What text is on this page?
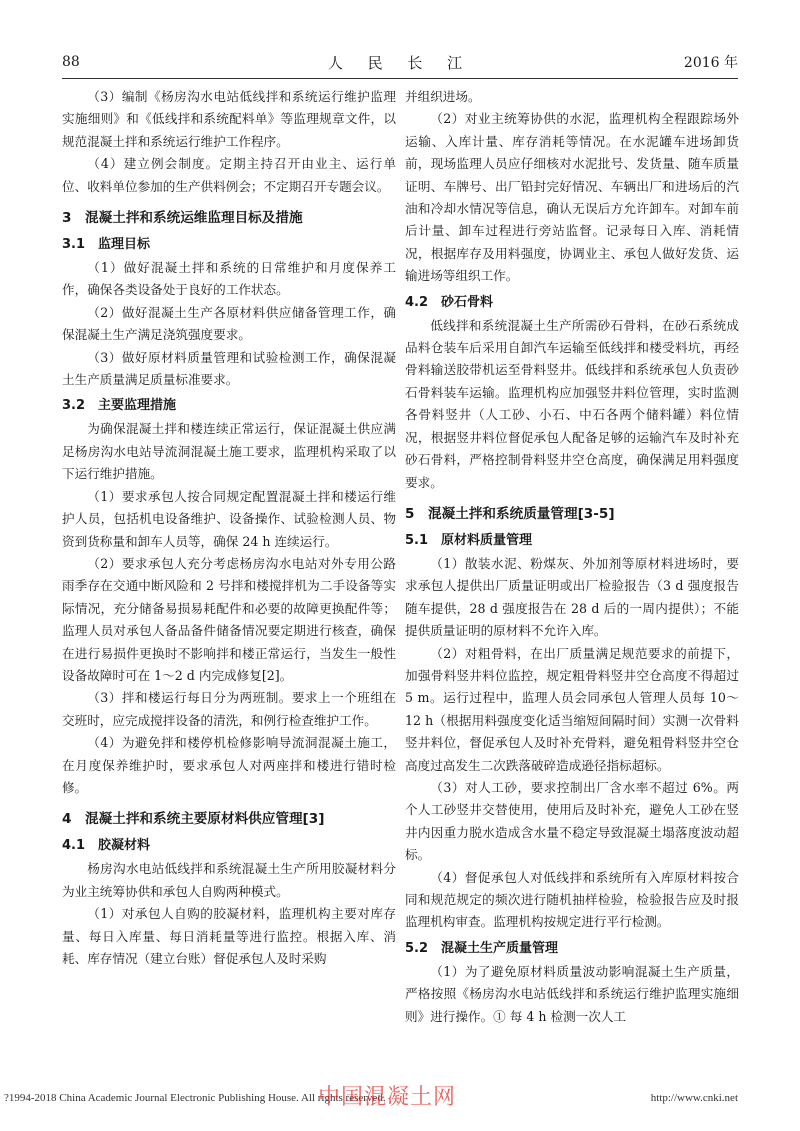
88	人 民 长 江	2016 年

（3）编制《杨房沟水电站低线拌和系统运行维护监理实施细则》和《低线拌和系统配料单》等监理规章文件，以规范混凝土拌和系统运行维护工作程序。

（4）建立例会制度。定期主持召开由业主、运行单位、收料单位参加的生产供料例会；不定期召开专题会议。

3　混凝土拌和系统运维监理目标及措施
3.1　监理目标

（1）做好混凝土拌和系统的日常维护和月度保养工作，确保各类设备处于良好的工作状态。

（2）做好混凝土生产各原材料供应储备管理工作，确保混凝土生产满足浇筑强度要求。

（3）做好原材料质量管理和试验检测工作，确保混凝土生产质量满足质量标准要求。

3.2　主要监理措施

为确保混凝土拌和楼连续正常运行，保证混凝土供应满足杨房沟水电站导流洞混凝土施工要求，监理机构采取了以下运行维护措施。

（1）要求承包人按合同规定配置混凝土拌和楼运行维护人员，包括机电设备维护、设备操作、试验检测人员、物资到货称量和卸车人员等，确保 24 h 连续运行。

（2）要求承包人充分考虑杨房沟水电站对外专用公路雨季存在交通中断风险和 2 号拌和楼搅拌机为二手设备等实际情况，充分储备易损易耗配件和必要的故障更换配件等；监理人员对承包人备品备件储备情况要定期进行核查，确保在进行易损件更换时不影响拌和楼正常运行，当发生一般性设备故障时可在 1～2 d 内完成修复[2]。

（3）拌和楼运行每日分为两班制。要求上一个班组在交班时，应完成搅拌设备的清洗，和例行检查维护工作。

（4）为避免拌和楼停机检修影响导流洞混凝土施工，在月度保养维护时，要求承包人对两座拌和楼进行错时检修。

4　混凝土拌和系统主要原材料供应管理[3]
4.1　胶凝材料

杨房沟水电站低线拌和系统混凝土生产所用胶凝材料分为业主统筹协供和承包人自购两种模式。

（1）对承包人自购的胶凝材料，监理机构主要对库存量、每日入库量、每日消耗量等进行监控。根据入库、消耗、库存情况（建立台账）督促承包人及时采购

并组织进场。

（2）对业主统筹协供的水泥，监理机构全程跟踪场外运输、入库计量、库存消耗等情况。在水泥罐车进场卸货前，现场监理人员应仔细核对水泥批号、发货量、随车质量证明、车牌号、出厂铅封完好情况、车辆出厂和进场后的汽油和冷却水情况等信息，确认无误后方允许卸车。对卸车前后计量、卸车过程进行旁站监督。记录每日入库、消耗情况，根据库存及用料强度，协调业主、承包人做好发货、运输进场等组织工作。

4.2　砂石骨料

低线拌和系统混凝土生产所需砂石骨料，在砂石系统成品料仓装车后采用自卸汽车运输至低线拌和楼受料坑，再经骨料输送胶带机运至骨料竖井。低线拌和系统承包人负责砂石骨料装车运输。监理机构应加强竖井料位管理，实时监测各骨料竖井（人工砂、小石、中石各两个储料罐）料位情况，根据竖井料位督促承包人配备足够的运输汽车及时补充砂石骨料，严格控制骨料竖井空仓高度，确保满足用料强度要求。

5　混凝土拌和系统质量管理[3-5]
5.1　原材料质量管理

（1）散装水泥、粉煤灰、外加剂等原材料进场时，要求承包人提供出厂质量证明或出厂检验报告（3 d 强度报告随车提供，28 d 强度报告在 28 d 后的一周内提供）；不能提供质量证明的原材料不允许入库。

（2）对粗骨料，在出厂质量满足规范要求的前提下，加强骨料竖井料位监控，规定粗骨料竖井空仓高度不得超过 5 m。运行过程中，监理人员会同承包人管理人员每 10～12 h（根据用料强度变化适当缩短间隔时间）实测一次骨料竖井料位，督促承包人及时补充骨料，避免粗骨料竖井空仓高度过高发生二次跌落破碎造成逊径指标超标。

（3）对人工砂，要求控制出厂含水率不超过 6%。两个人工砂竖井交替使用，使用后及时补充，避免人工砂在竖井内因重力脱水造成含水量不稳定导致混凝土塌落度波动超标。

（4）督促承包人对低线拌和系统所有入库原材料按合同和规范规定的频次进行随机抽样检验，检验报告应及时报监理机构审查。监理机构按规定进行平行检测。

5.2　混凝土生产质量管理

（1）为了避免原材料质量波动影响混凝土生产质量，严格按照《杨房沟水电站低线拌和系统运行维护监理实施细则》进行操作。① 每 4 h 检测一次人工

?1994-2018 China Academic Journal Electronic Publishing House. All rights reserved.	http://www.cnki.net
中国混凝土网
